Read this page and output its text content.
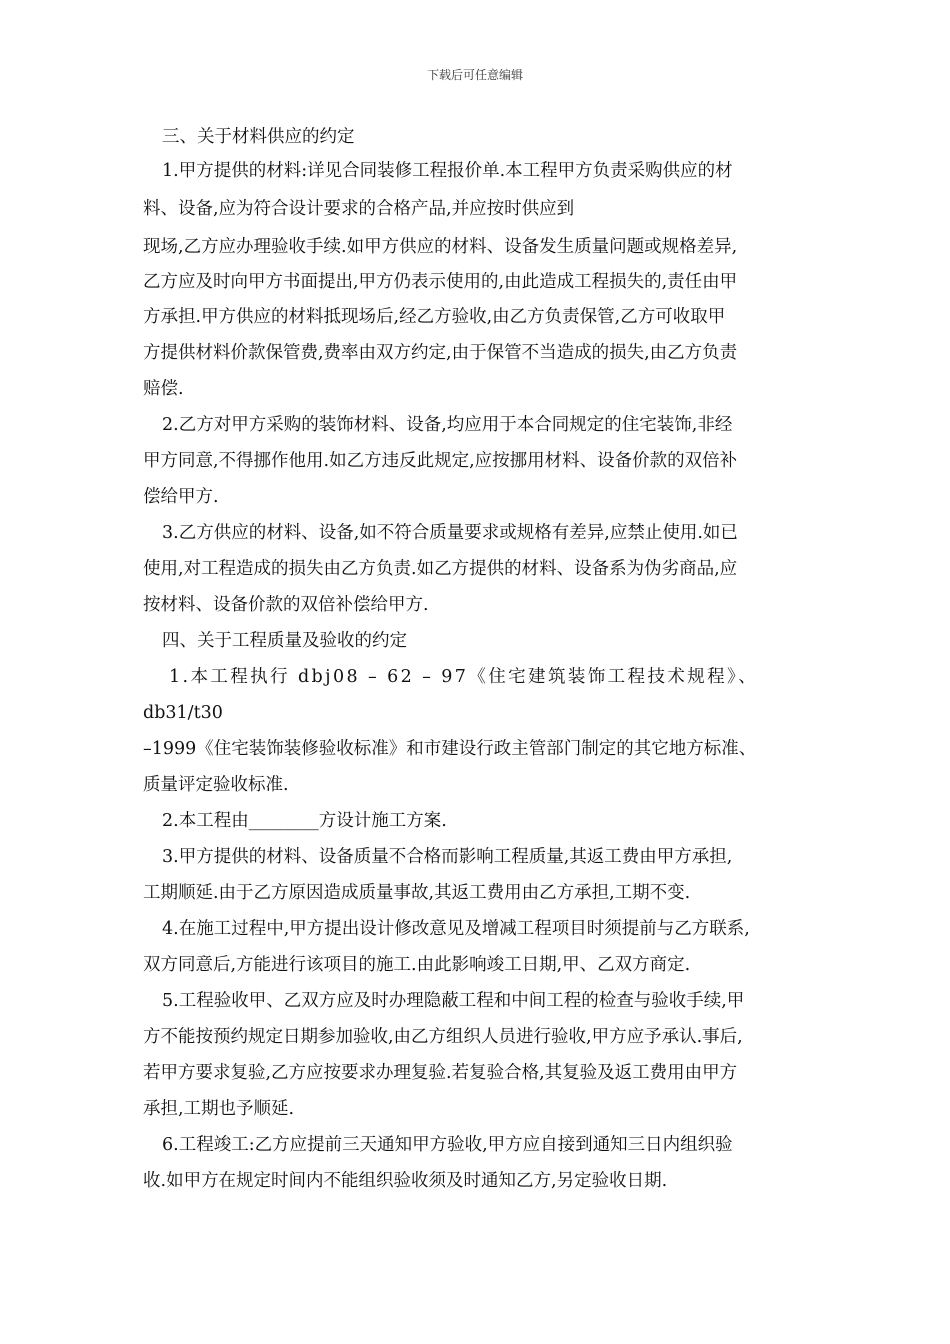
下载后可任意编辑
三、关于材料供应的约定
1.甲方提供的材料:详见合同装修工程报价单.本工程甲方负责采购供应的材
料、设备,应为符合设计要求的合格产品,并应按时供应到
现场,乙方应办理验收手续.如甲方供应的材料、设备发生质量问题或规格差异,
乙方应及时向甲方书面提出,甲方仍表示使用的,由此造成工程损失的,责任由甲
方承担.甲方供应的材料抵现场后,经乙方验收,由乙方负责保管,乙方可收取甲
方提供材料价款保管费,费率由双方约定,由于保管不当造成的损失,由乙方负责
赔偿.
2.乙方对甲方采购的装饰材料、设备,均应用于本合同规定的住宅装饰,非经
甲方同意,不得挪作他用.如乙方违反此规定,应按挪用材料、设备价款的双倍补
偿给甲方.
3.乙方供应的材料、设备,如不符合质量要求或规格有差异,应禁止使用.如已
使用,对工程造成的损失由乙方负责.如乙方提供的材料、设备系为伪劣商品,应
按材料、设备价款的双倍补偿给甲方.
四、关于工程质量及验收的约定
1.本工程执行 dbj08 – 62 – 97《住宅建筑装饰工程技术规程》、
db31/t30
–1999《住宅装饰装修验收标准》和市建设行政主管部门制定的其它地方标准、
质量评定验收标准.
2.本工程由________方设计施工方案.
3.甲方提供的材料、设备质量不合格而影响工程质量,其返工费由甲方承担,
工期顺延.由于乙方原因造成质量事故,其返工费用由乙方承担,工期不变.
4.在施工过程中,甲方提出设计修改意见及增减工程项目时须提前与乙方联系,
双方同意后,方能进行该项目的施工.由此影响竣工日期,甲、乙双方商定.
5.工程验收甲、乙双方应及时办理隐蔽工程和中间工程的检查与验收手续,甲
方不能按预约规定日期参加验收,由乙方组织人员进行验收,甲方应予承认.事后,
若甲方要求复验,乙方应按要求办理复验.若复验合格,其复验及返工费用由甲方
承担,工期也予顺延.
6.工程竣工:乙方应提前三天通知甲方验收,甲方应自接到通知三日内组织验
收.如甲方在规定时间内不能组织验收须及时通知乙方,另定验收日期.
